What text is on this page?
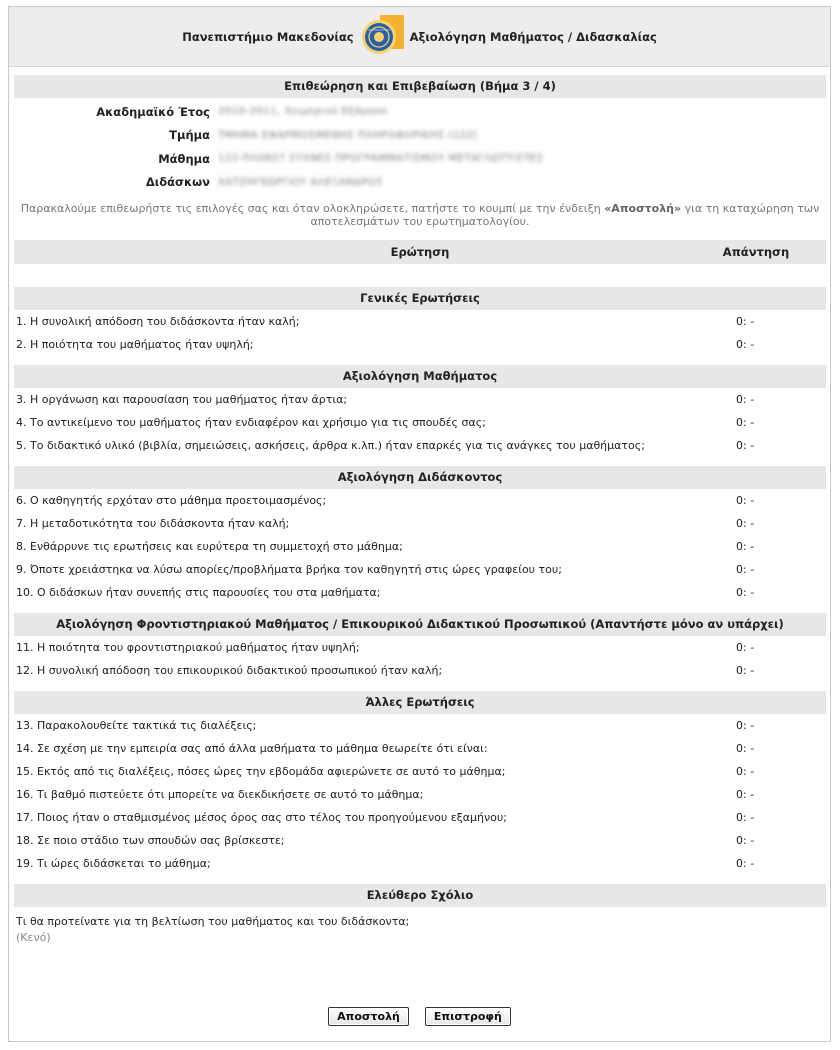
Πανεπιστήμιο Μακεδονίας	Αξιολόγηση Μαθήματος / Διδασκαλίας
Επιθεώρηση και Επιβεβαίωση (Βήμα 3 / 4)
Ακαδημαϊκό Έτος 2010-2011, Χειμερινό Εξάμηνο
Τμήμα ΤΜΗΜΑ ΕΦΑΡΜΟΣΜΕΝΗΣ ΠΛΗΡΟΦΟΡΙΚΗΣ (122)
Μάθημα 122-ΠΛ0827 ΣΥΧΝΕΣ ΠΡΟΓΡΑΜΜΑΤΙΣΜΟΥ ΜΕΤΑΓΛΩΤΤΙΣΤΕΣ
Διδάσκων ΧΑΤΖΗΓΕΩΡΓΙΟΥ ΑΛΕΞΑΝΔΡΟΣ
Παρακαλούμε επιθεωρήστε τις επιλογές σας και όταν ολοκληρώσετε, πατήστε το κουμπί με την ένδειξη «Αποστολή» για τη καταχώρηση των αποτελεσμάτων του ερωτηματολογίου.
Ερώτηση	Απάντηση
Γενικές Ερωτήσεις
1. Η συνολική απόδοση του διδάσκοντα ήταν καλή;	0: -
2. Η ποιότητα του μαθήματος ήταν υψηλή;	0: -
Αξιολόγηση Μαθήματος
3. Η οργάνωση και παρουσίαση του μαθήματος ήταν άρτια;	0: -
4. Το αντικείμενο του μαθήματος ήταν ενδιαφέρον και χρήσιμο για τις σπουδές σας;	0: -
5. Το διδακτικό υλικό (βιβλία, σημειώσεις, ασκήσεις, άρθρα κ.λπ.) ήταν επαρκές για τις ανάγκες του μαθήματος;	0: -
Αξιολόγηση Διδάσκοντος
6. Ο καθηγητής ερχόταν στο μάθημα προετοιμασμένος;	0: -
7. Η μεταδοτικότητα του διδάσκοντα ήταν καλή;	0: -
8. Ενθάρρυνε τις ερωτήσεις και ευρύτερα τη συμμετοχή στο μάθημα;	0: -
9. Όποτε χρειάστηκα να λύσω απορίες/προβλήματα βρήκα τον καθηγητή στις ώρες γραφείου του;	0: -
10. Ο διδάσκων ήταν συνεπής στις παρουσίες του στα μαθήματα;	0: -
Αξιολόγηση Φροντιστηριακού Μαθήματος / Επικουρικού Διδακτικού Προσωπικού (Απαντήστε μόνο αν υπάρχει)
11. Η ποιότητα του φροντιστηριακού μαθήματος ήταν υψηλή;	0: -
12. Η συνολική απόδοση του επικουρικού διδακτικού προσωπικού ήταν καλή;	0: -
Άλλες Ερωτήσεις
13. Παρακολουθείτε τακτικά τις διαλέξεις;	0: -
14. Σε σχέση με την εμπειρία σας από άλλα μαθήματα το μάθημα θεωρείτε ότι είναι:	0: -
15. Εκτός από τις διαλέξεις, πόσες ώρες την εβδομάδα αφιερώνετε σε αυτό το μάθημα;	0: -
16. Τι βαθμό πιστεύετε ότι μπορείτε να διεκδικήσετε σε αυτό το μάθημα;	0: -
17. Ποιος ήταν ο σταθμισμένος μέσος όρος σας στο τέλος του προηγούμενου εξαμήνου;	0: -
18. Σε ποιο στάδιο των σπουδών σας βρίσκεστε;	0: -
19. Τι ώρες διδάσκεται το μάθημα;	0: -
Ελεύθερο Σχόλιο
Τι θα προτείνατε για τη βελτίωση του μαθήματος και του διδάσκοντα;
(Κενό)
Αποστολή	Επιστροφή
